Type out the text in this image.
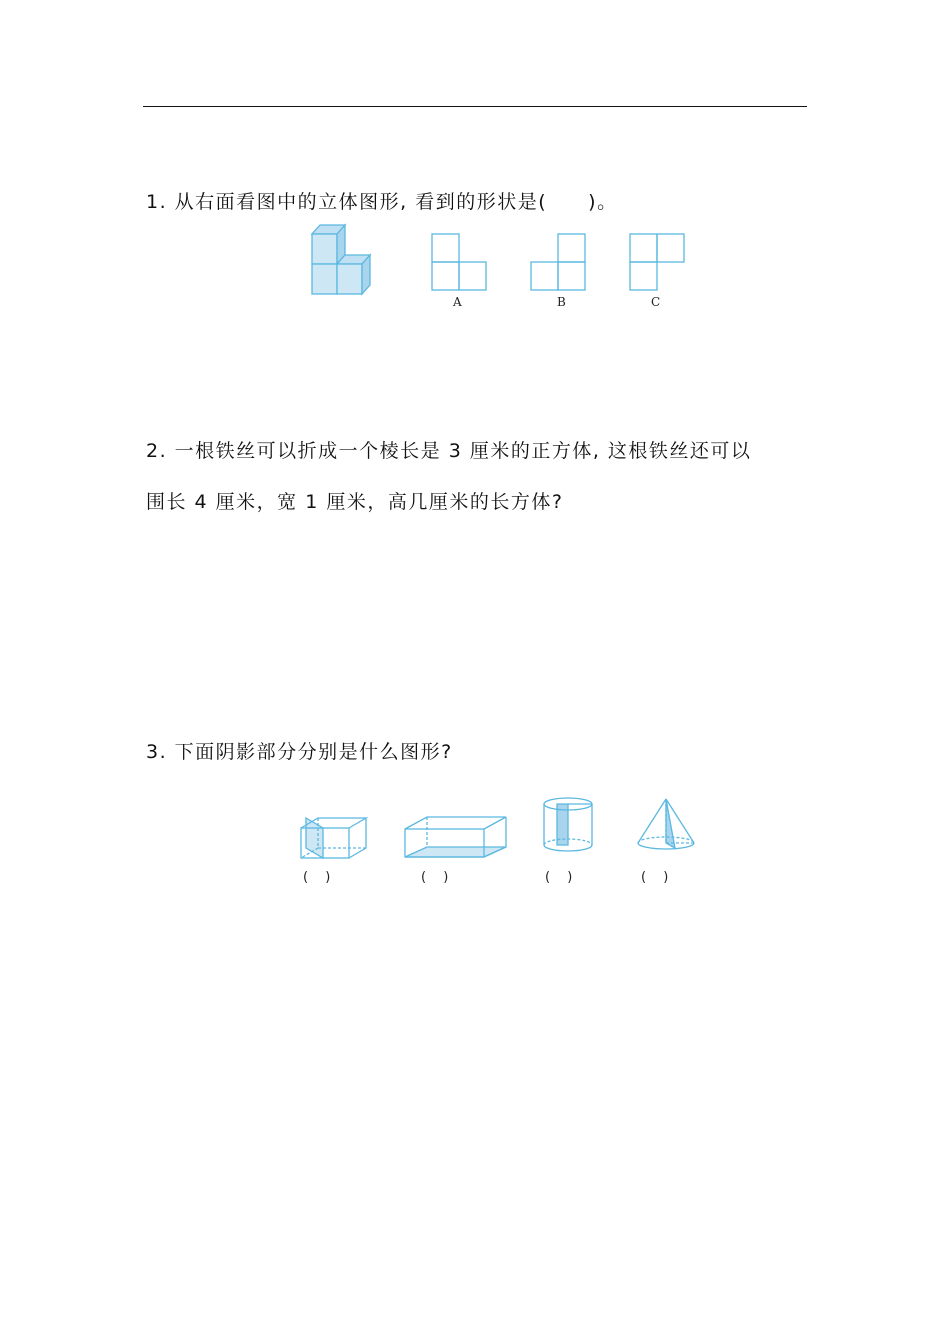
1. 从右面看图中的立体图形, 看到的形状是(　　)。
A	B	C
2. 一根铁丝可以折成一个棱长是 3 厘米的正方体, 这根铁丝还可以
围长 4 厘米，宽 1 厘米，高几厘米的长方体?
3. 下面阴影部分分别是什么图形?
(　 )	(　 )	(　 )	(　 )
